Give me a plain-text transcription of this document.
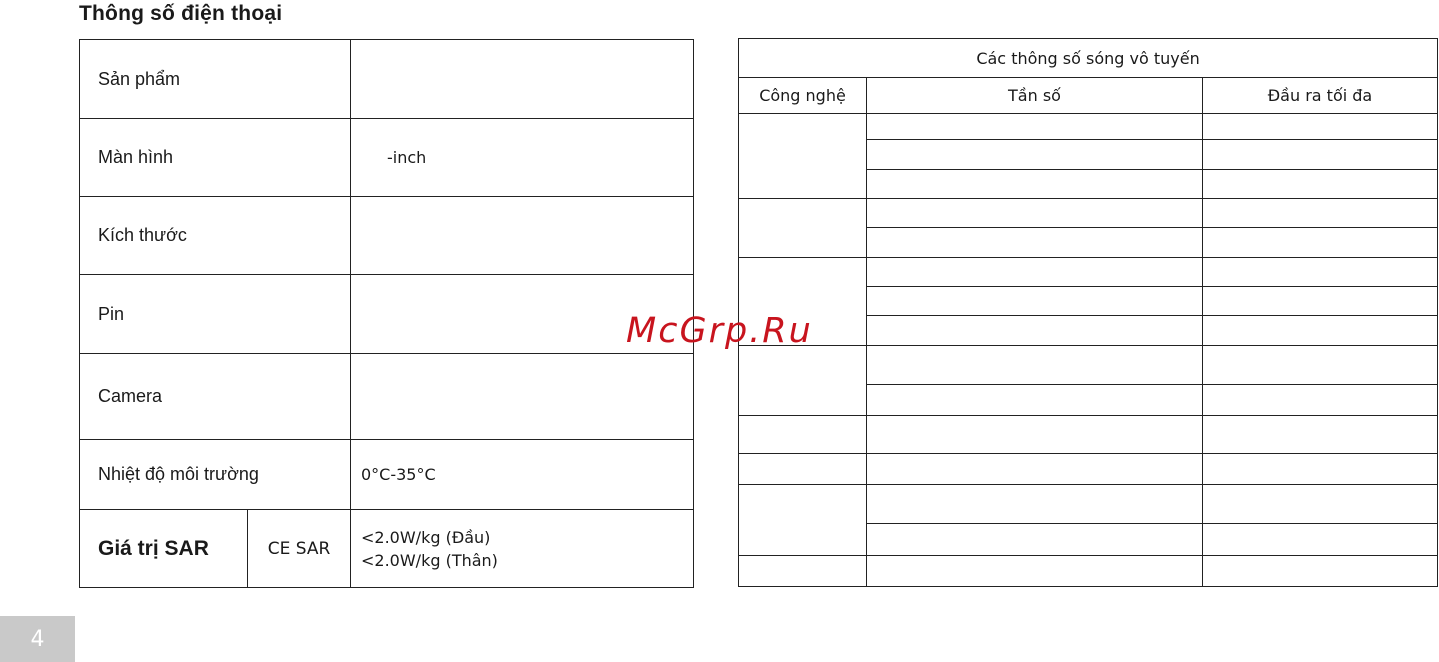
Thông số điện thoại
Sản phẩm		
Màn hình		-inch
Kích thước		
Pin		
Camera		
Nhiệt độ môi trường		0°C-35°C
Giá trị SAR	CE SAR	<2.0W/kg (Đầu)
<2.0W/kg (Thân)
Các thông số sóng vô tuyến		
Công nghệ	Tần số	Đầu ra tối đa

McGrp.Ru
4
